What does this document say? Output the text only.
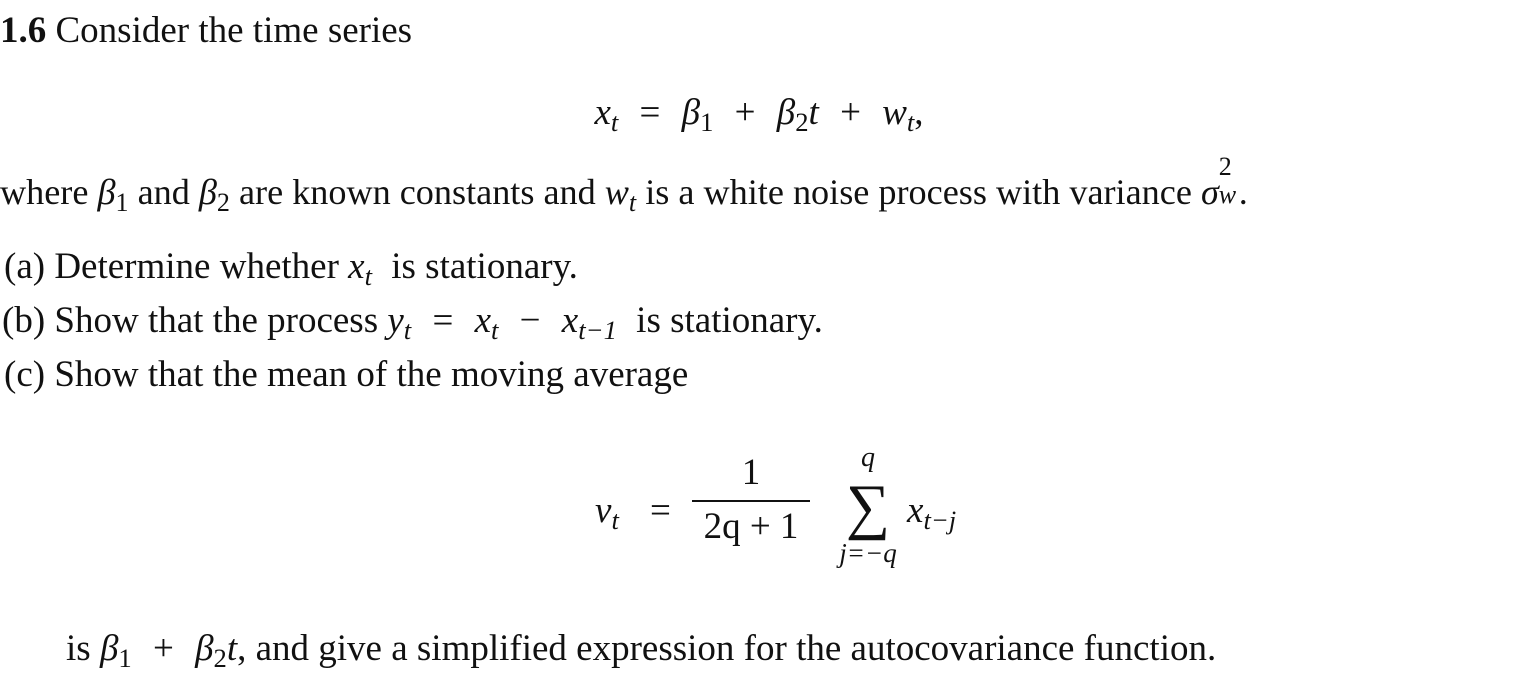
1.6 Consider the time series
$x_t = \beta_1 + \beta_2t + w_t$,
where $\beta_1$ and $\beta_2$ are known constants and $w_t$ is a white noise process with variance σ
2
w .
(a) Determine whether $x_t$ is stationary.
(b) Show that the process $y_t = x_t - x_{t-1}$ is stationary.
(c) Show that the mean of the moving average
$v_t$ =
1
2q + 1
q
∑
j=−q
$x_{t-j}$
is $\beta_1 + \beta_2t$, and give a simplified expression for the autocovariance function.
